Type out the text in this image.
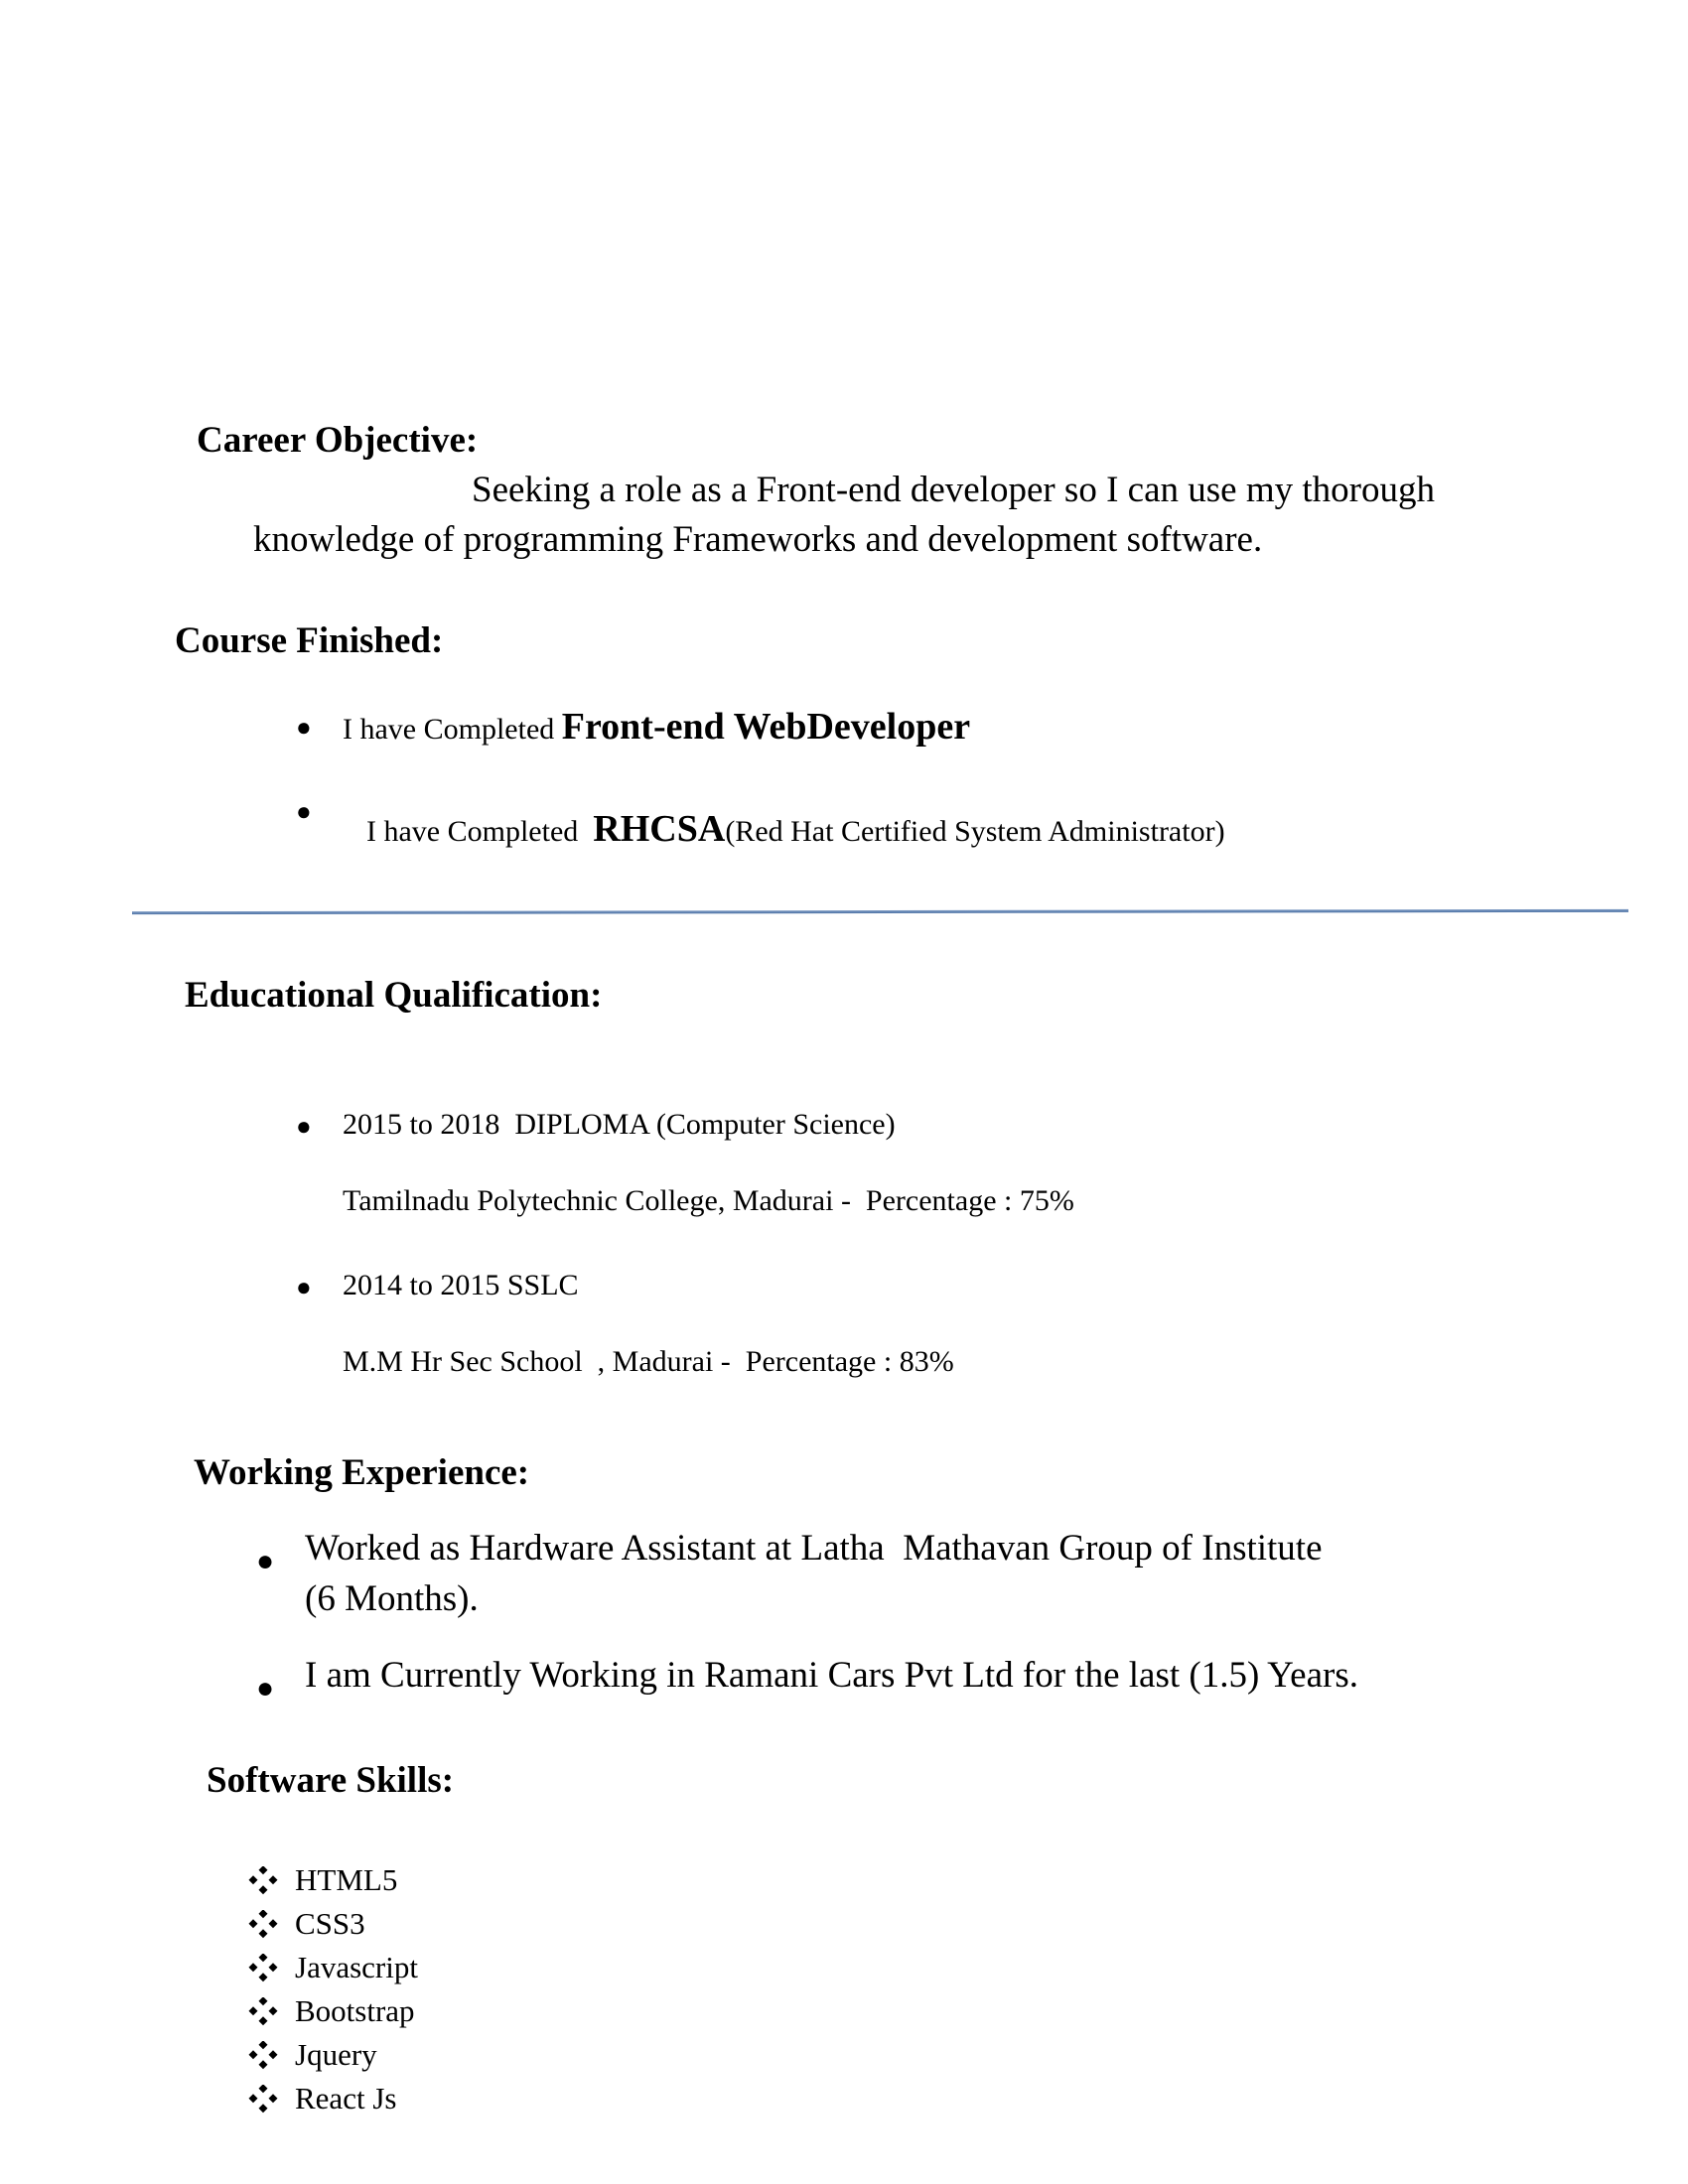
Career Objective:
Seeking a role as a Front-end developer so I can use my thorough
knowledge of programming Frameworks and development software.
Course Finished:
● I have Completed Front-end WebDeveloper
●

I have Completed  RHCSA(Red Hat Certified System Administrator)

Educational Qualification:
● 2015 to 2018  DIPLOMA (Computer Science)
Tamilnadu Polytechnic College, Madurai -  Percentage : 75%
● 2014 to 2015 SSLC
M.M Hr Sec School  , Madurai -  Percentage : 83%
Working Experience:
● Worked as Hardware Assistant at Latha  Mathavan Group of Institute
(6 Months).
● I am Currently Working in Ramani Cars Pvt Ltd for the last (1.5) Years.
Software Skills:
HTML5
CSS3
Javascript
Bootstrap
Jquery
React Js
